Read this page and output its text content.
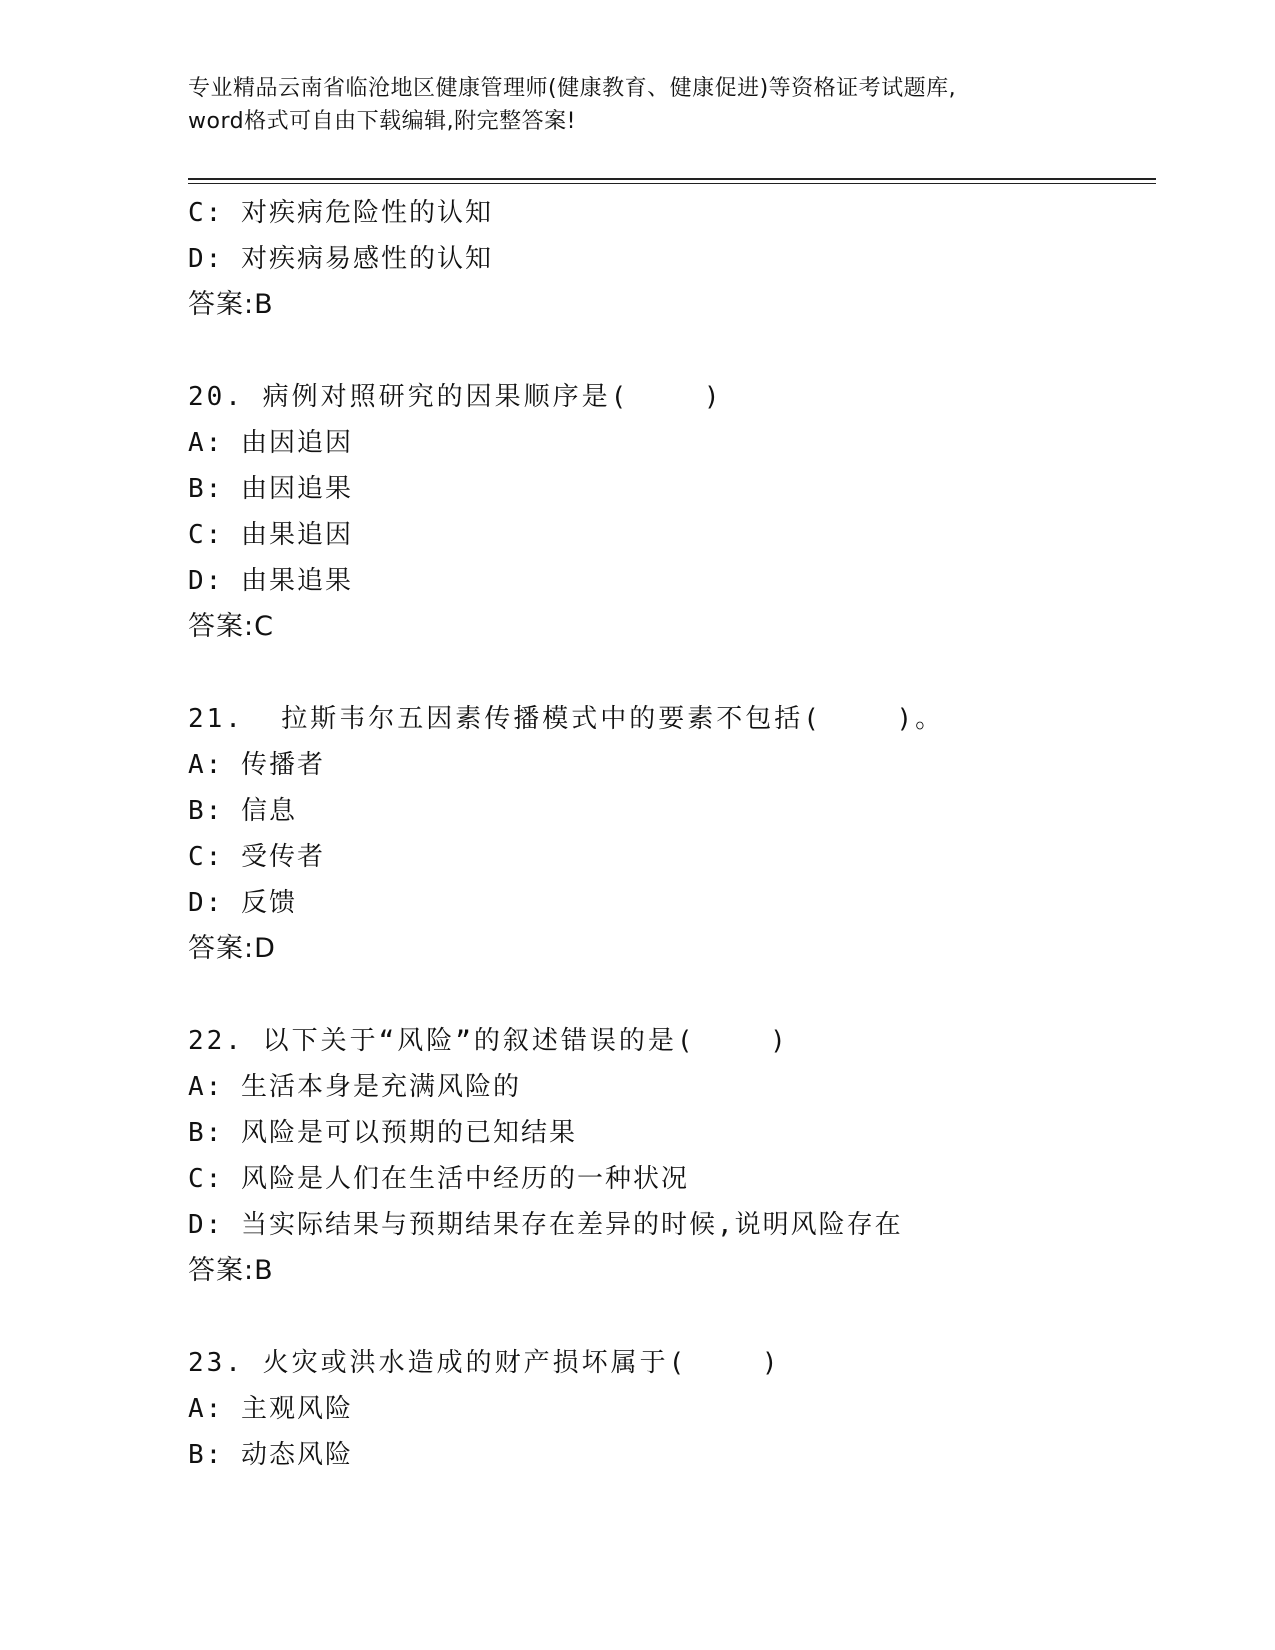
专业精品云南省临沧地区健康管理师(健康教育、健康促进)等资格证考试题库,
word格式可自由下载编辑,附完整答案!
C: 对疾病危险性的认知
D: 对疾病易感性的认知
答案:B
20. 病例对照研究的因果顺序是(    )
A: 由因追因
B: 由因追果
C: 由果追因
D: 由果追果
答案:C
21.  拉斯韦尔五因素传播模式中的要素不包括(    )。
A: 传播者
B: 信息
C: 受传者
D: 反馈
答案:D
22. 以下关于“风险”的叙述错误的是(    )
A: 生活本身是充满风险的
B: 风险是可以预期的已知结果
C: 风险是人们在生活中经历的一种状况
D: 当实际结果与预期结果存在差异的时候,说明风险存在
答案:B
23. 火灾或洪水造成的财产损坏属于(    )
A: 主观风险
B: 动态风险
